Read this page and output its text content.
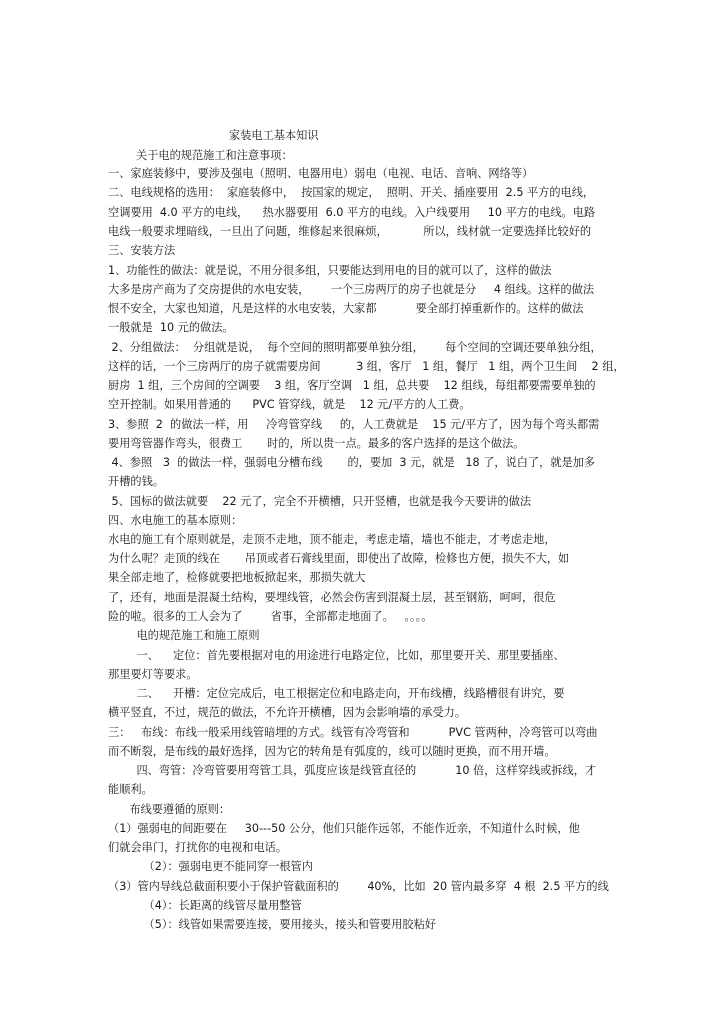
家装电工基本知识
关于电的规范施工和注意事项：
一、家庭装修中，要涉及强电（照明、电器用电）弱电（电视、电话、音响、网络等）
二、电线规格的选用：  家庭装修中，  按国家的规定，  照明、开关、插座要用  2.5 平方的电线，
空调要用  4.0 平方的电线，    热水器要用  6.0 平方的电线。入户线要用     10 平方的电线。电路
电线一般要求埋暗线，一旦出了问题，维修起来很麻烦，          所以，线材就一定要选择比较好的
三、安装方法
1、功能性的做法：就是说，不用分很多组，只要能达到用电的目的就可以了，这样的做法
大多是房产商为了交房提供的水电安装，      一个三房两厅的房子也就是分     4 组线。这样的做法
恨不安全，大家也知道，凡是这样的水电安装，大家都           要全部打掉重新作的。这样的做法
一般就是  10 元的做法。
2、分组做法：  分组就是说，  每个空间的照明都要单独分组，      每个空间的空调还要单独分组，
这样的话，一个三房两厅的房子就需要房间          3 组，客厅   1 组，餐厅   1 组，两个卫生间    2 组，
厨房  1 组，三个房间的空调要    3 组，客厅空调   1 组，总共要    12 组线，每组都要需要单独的
空开控制。如果用普通的      PVC 管穿线，就是    12 元/平方的人工费。
3、参照  2  的做法一样，用     冷弯管穿线     的，人工费就是    15 元/平方了，因为每个弯头都需
要用弯管器作弯头，很费工       时的，所以贵一点。最多的客户选择的是这个做法。
4、参照   3  的做法一样，强弱电分槽布线       的，要加  3 元，就是   18 了，说白了，就是加多
开槽的钱。
5、国标的做法就要    22 元了，完全不开横槽，只开竖槽，也就是我今天要讲的做法
四、水电施工的基本原则：
水电的施工有个原则就是，走顶不走地，顶不能走，考虑走墙，墙也不能走，才考虑走地，
为什么呢？走顶的线在       吊顶或者石膏线里面，即使出了故障，检修也方便，损失不大，如
果全部走地了，检修就要把地板掀起来，那损失就大
了，还有，地面是混凝土结构，要埋线管，必然会伤害到混凝土层，甚至钢筋，呵呵，很危
险的啦。很多的工人会为了        省事，全部都走地面了。   。。。。
电的规范施工和施工原则
一、    定位：首先要根据对电的用途进行电路定位，比如，那里要开关、那里要插座、
那里要灯等要求。
二、    开槽：定位完成后，电工根据定位和电路走向，开布线槽，线路槽很有讲究，要
横平竖直，不过，规范的做法，不允许开横槽，因为会影响墙的承受力。
三：   布线：布线一般采用线管暗埋的方式。线管有冷弯管和           PVC 管两种，冷弯管可以弯曲
而不断裂，是布线的最好选择，因为它的转角是有弧度的，线可以随时更换，而不用开墙。
四、弯管：冷弯管要用弯管工具，弧度应该是线管直径的           10 倍，这样穿线或拆线，才
能顺利。
布线要遵循的原则：
（1）强弱电的间距要在     30---50 公分，他们只能作远邻，不能作近亲，不知道什么时候，他
们就会串门，打扰你的电视和电话。
（2）：强弱电更不能同穿一根管内
（3）管内导线总截面积要小于保护管截面积的        40%，比如  20 管内最多穿  4 根  2.5 平方的线
（4）：长距离的线管尽量用整管
（5）：线管如果需要连接，要用接头，接头和管要用胶粘好
